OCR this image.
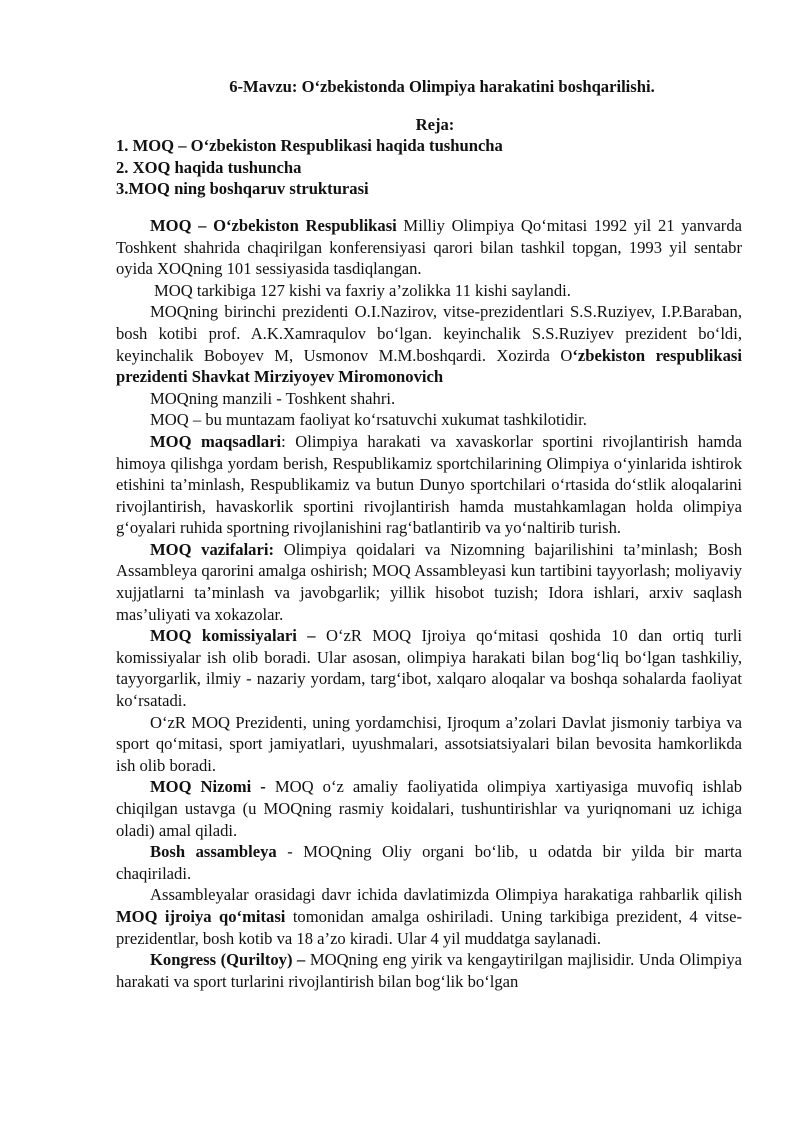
6-Mavzu: O‘zbekistonda Olimpiya harakatini boshqarilishi.
Reja:
1. MOQ – O‘zbekiston Respublikasi haqida tushuncha
2. XOQ haqida tushuncha
3.MOQ ning boshqaruv strukturasi

MOQ – O‘zbekiston Respublikasi Milliy Olimpiya Qo‘mitasi 1992 yil 21 yanvarda Toshkent shahrida chaqirilgan konferensiyasi qarori bilan tashkil topgan, 1993 yil sentabr oyida XOQning 101 sessiyasida tasdiqlangan.

MOQ tarkibiga 127 kishi va faxriy a’zolikka 11 kishi saylandi.

MOQning birinchi prezidenti O.I.Nazirov, vitse-prezidentlari S.S.Ruziyev, I.P.Baraban, bosh kotibi prof. A.K.Xamraqulov bo‘lgan. keyinchalik S.S.Ruziyev prezident bo‘ldi, keyinchalik Boboyev M, Usmonov M.M.boshqardi. Xozirda O‘zbekiston respublikasi prezidenti Shavkat Mirziyoyev Miromonovich

MOQning manzili - Toshkent shahri.

MOQ – bu muntazam faoliyat ko‘rsatuvchi xukumat tashkilotidir.

MOQ maqsadlari: Olimpiya harakati va xavaskorlar sportini rivojlantirish hamda himoya qilishga yordam berish, Respublikamiz sportchilarining Olimpiya o‘yinlarida ishtirok etishini ta’minlash, Respublikamiz va butun Dunyo sportchilari o‘rtasida do‘stlik aloqalarini rivojlantirish, havaskorlik sportini rivojlantirish hamda mustahkamlagan holda olimpiya g‘oyalari ruhida sportning rivojlanishini rag‘batlantirib va yo‘naltirib turish.

MOQ vazifalari: Olimpiya qoidalari va Nizomning bajarilishini ta’minlash; Bosh Assambleya qarorini amalga oshirish; MOQ Assambleyasi kun tartibini tayyorlash; moliyaviy xujjatlarni ta’minlash va javobgarlik; yillik hisobot tuzish; Idora ishlari, arxiv saqlash mas’uliyati va xokazolar.

MOQ komissiyalari – O‘zR MOQ Ijroiya qo‘mitasi qoshida 10 dan ortiq turli komissiyalar ish olib boradi. Ular asosan, olimpiya harakati bilan bog‘liq bo‘lgan tashkiliy, tayyorgarlik, ilmiy - nazariy yordam, targ‘ibot, xalqaro aloqalar va boshqa sohalarda faoliyat ko‘rsatadi.

O‘zR MOQ Prezidenti, uning yordamchisi, Ijroqum a’zolari Davlat jismoniy tarbiya va sport qo‘mitasi, sport jamiyatlari, uyushmalari, assotsiatsiyalari bilan bevosita hamkorlikda ish olib boradi.

MOQ Nizomi - MOQ o‘z amaliy faoliyatida olimpiya xartiyasiga muvofiq ishlab chiqilgan ustavga (u MOQning rasmiy koidalari, tushuntirishlar va yuriqnomani uz ichiga oladi) amal qiladi.

Bosh assambleya - MOQning Oliy organi bo‘lib, u odatda bir yilda bir marta chaqiriladi.

Assambleyalar orasidagi davr ichida davlatimizda Olimpiya harakatiga rahbarlik qilish MOQ ijroiya qo‘mitasi tomonidan amalga oshiriladi. Uning tarkibiga prezident, 4 vitse-prezidentlar, bosh kotib va 18 a’zo kiradi. Ular 4 yil muddatga saylanadi.

Kongress (Quriltoy) – MOQning eng yirik va kengaytirilgan majlisidir. Unda Olimpiya harakati va sport turlarini rivojlantirish bilan bog‘lik bo‘lgan
